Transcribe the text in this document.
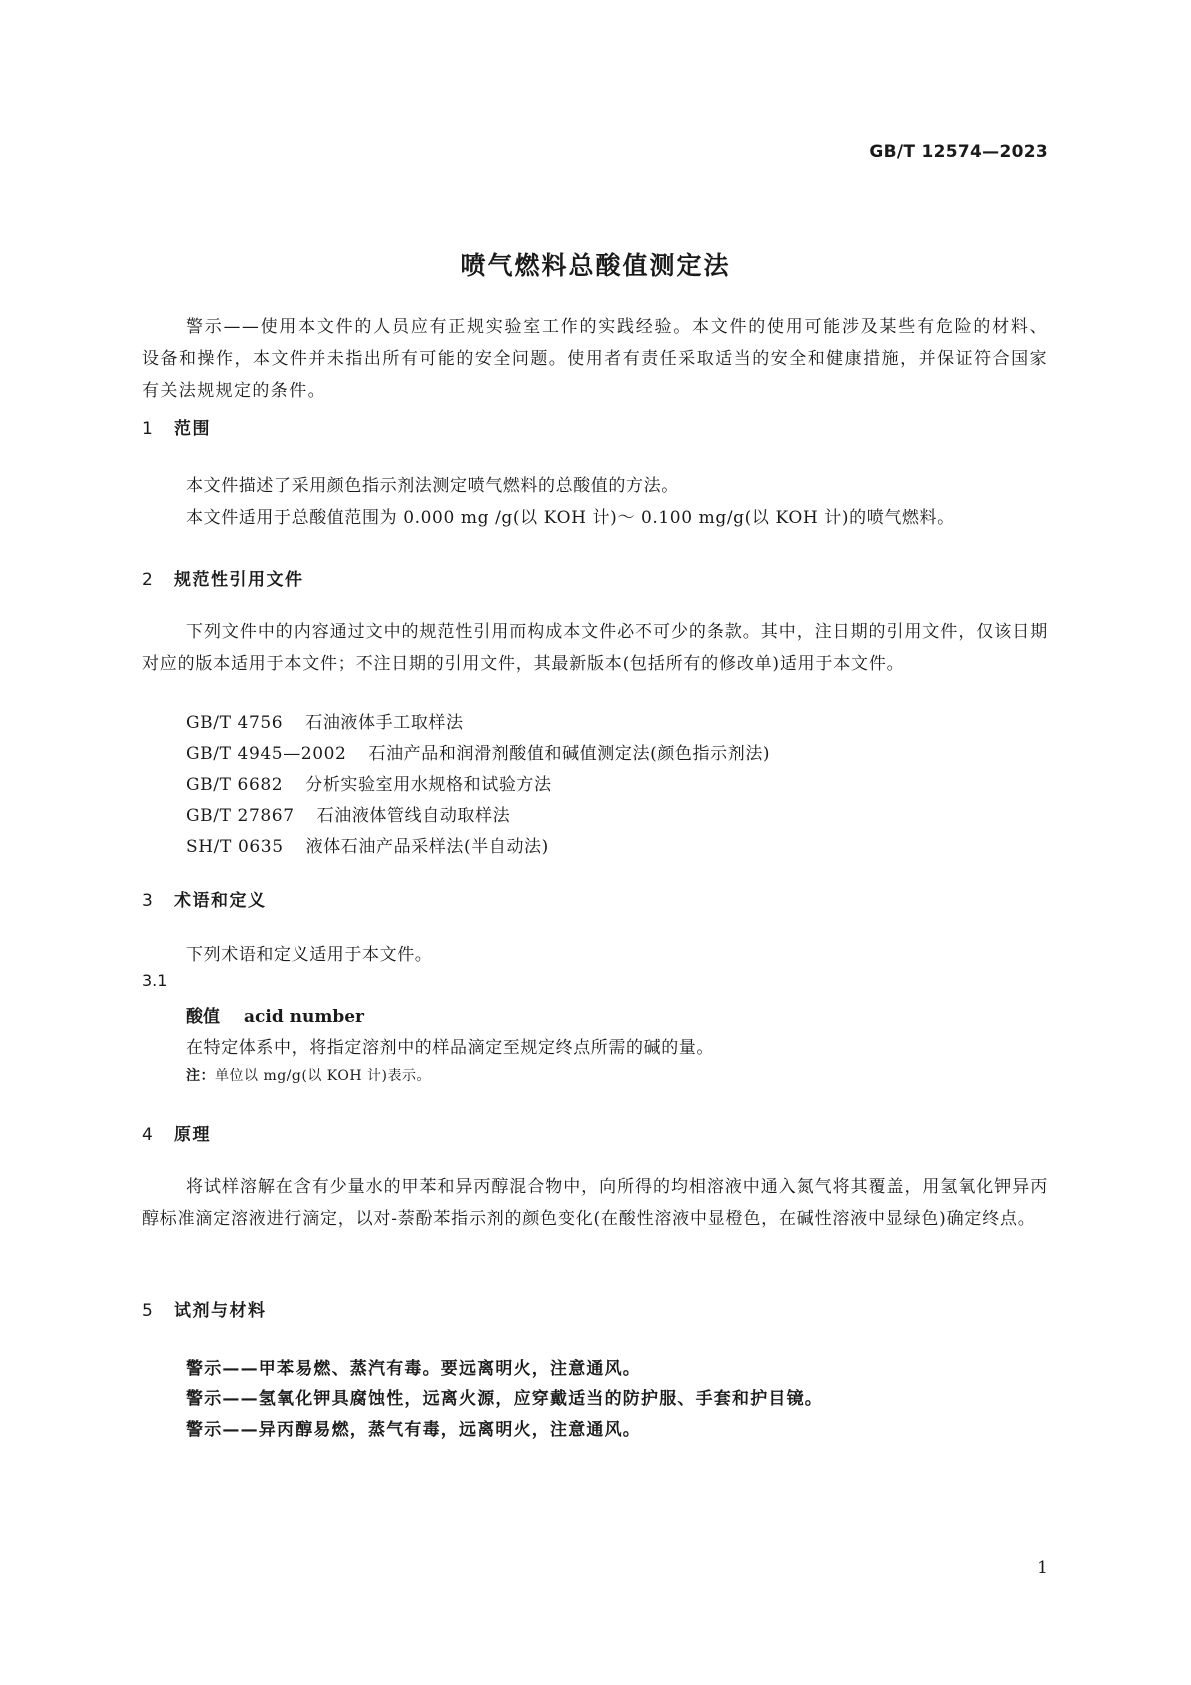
GB/T 12574—2023
喷气燃料总酸值测定法
警示——使用本文件的人员应有正规实验室工作的实践经验。本文件的使用可能涉及某些有危险的材料、设备和操作，本文件并未指出所有可能的安全问题。使用者有责任采取适当的安全和健康措施，并保证符合国家有关法规规定的条件。
1 范围
本文件描述了采用颜色指示剂法测定喷气燃料的总酸值的方法。
本文件适用于总酸值范围为 0.000 mg /g(以 KOH 计)～ 0.100 mg/g(以 KOH 计)的喷气燃料。
2 规范性引用文件
下列文件中的内容通过文中的规范性引用而构成本文件必不可少的条款。其中，注日期的引用文件，仅该日期对应的版本适用于本文件；不注日期的引用文件，其最新版本(包括所有的修改单)适用于本文件。
GB/T 4756 石油液体手工取样法
GB/T 4945—2002 石油产品和润滑剂酸值和碱值测定法(颜色指示剂法)
GB/T 6682 分析实验室用水规格和试验方法
GB/T 27867 石油液体管线自动取样法
SH/T 0635 液体石油产品采样法(半自动法)
3 术语和定义
下列术语和定义适用于本文件。
3.1
酸值 acid number
在特定体系中，将指定溶剂中的样品滴定至规定终点所需的碱的量。
注：单位以 mg/g(以 KOH 计)表示。
4 原理
将试样溶解在含有少量水的甲苯和异丙醇混合物中，向所得的均相溶液中通入氮气将其覆盖，用氢氧化钾异丙醇标准滴定溶液进行滴定，以对-萘酚苯指示剂的颜色变化(在酸性溶液中显橙色，在碱性溶液中显绿色)确定终点。
5 试剂与材料
警示——甲苯易燃、蒸汽有毒。要远离明火，注意通风。
警示——氢氧化钾具腐蚀性，远离火源，应穿戴适当的防护服、手套和护目镜。
警示——异丙醇易燃，蒸气有毒，远离明火，注意通风。
1
